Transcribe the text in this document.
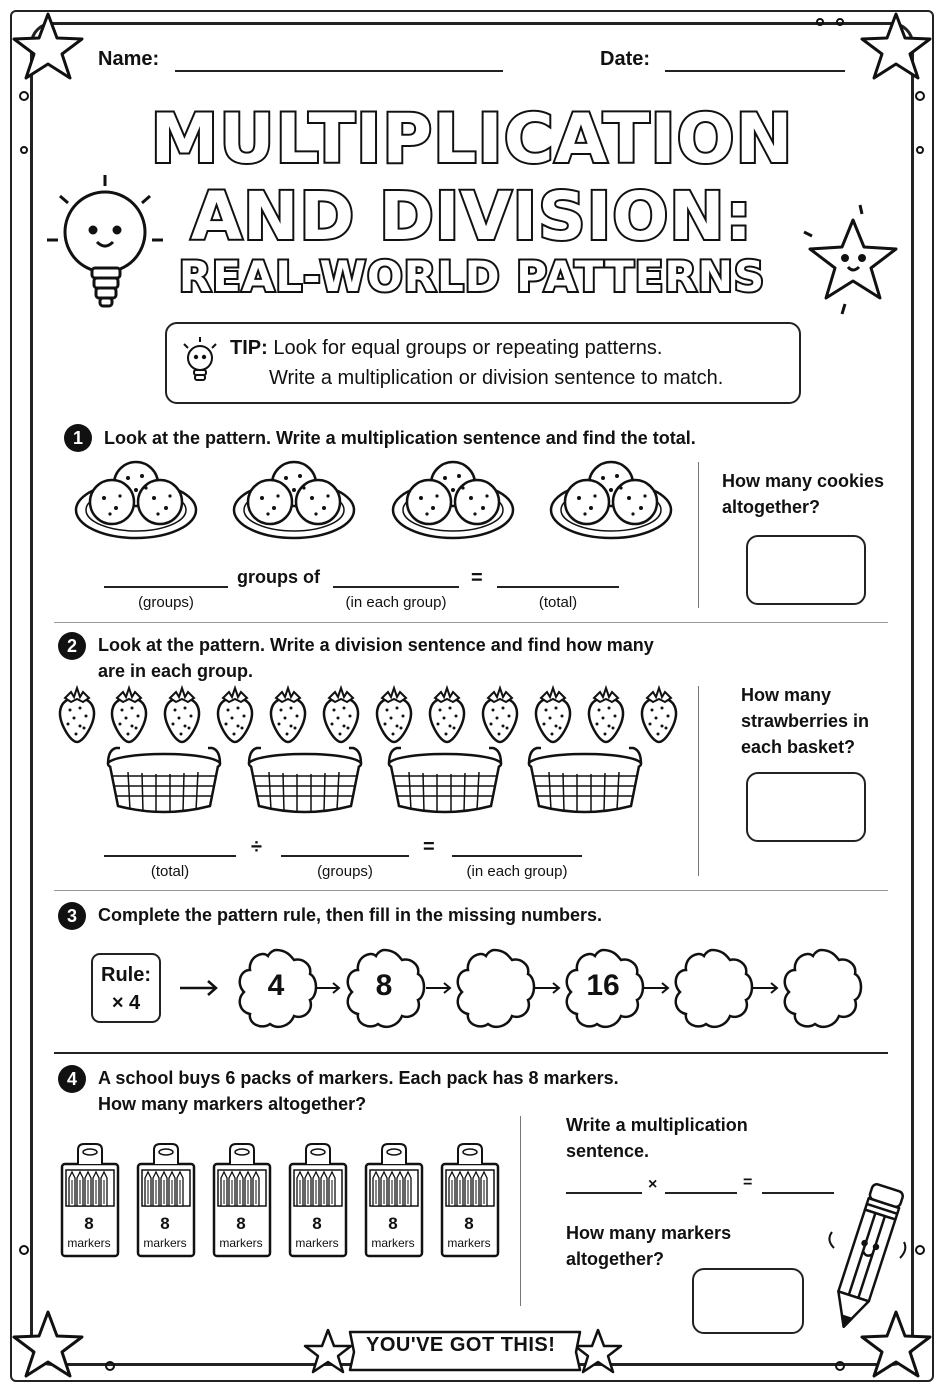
Name:	Date:
MULTIPLICATION
AND DIVISION:
REAL-WORLD PATTERNS
TIP: Look for equal groups or repeating patterns.
Write a multiplication or division sentence to match.
1	Look at the pattern. Write a multiplication sentence and find the total.
groups of	=
(groups)	(in each group)	(total)
How many cookies
altogether?
2	Look at the pattern. Write a division sentence and find how many
are in each group.
÷	=
(total)	(groups)	(in each group)
How many
strawberries in
each basket?
3	Complete the pattern rule, then fill in the missing numbers.
Rule:
× 4
4	8	16
4	A school buys 6 packs of markers. Each pack has 8 markers.
How many markers altogether?
8
markers
8
markers
8
markers
8
markers
8
markers
8
markers
Write a multiplication
sentence.
×	=
How many markers
altogether?
YOU'VE GOT THIS!
